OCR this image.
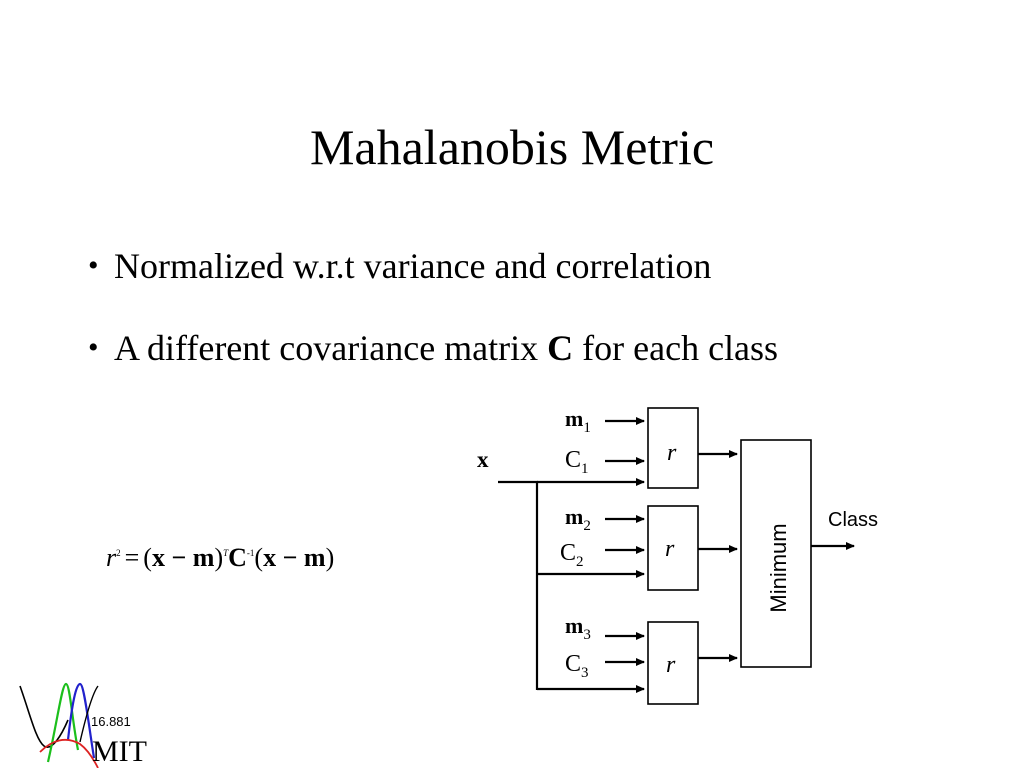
Mahalanobis Metric
• Normalized w.r.t variance and correlation
• A different covariance matrix C for each class
$r^2 = (x - m)^TC^{-1}(x - m)$
x
$m_1$
$C_1$
r
$m_2$
$C_2$	r
$m_3$
$C_3$	r
Minimum
Class
16.881
MIT
